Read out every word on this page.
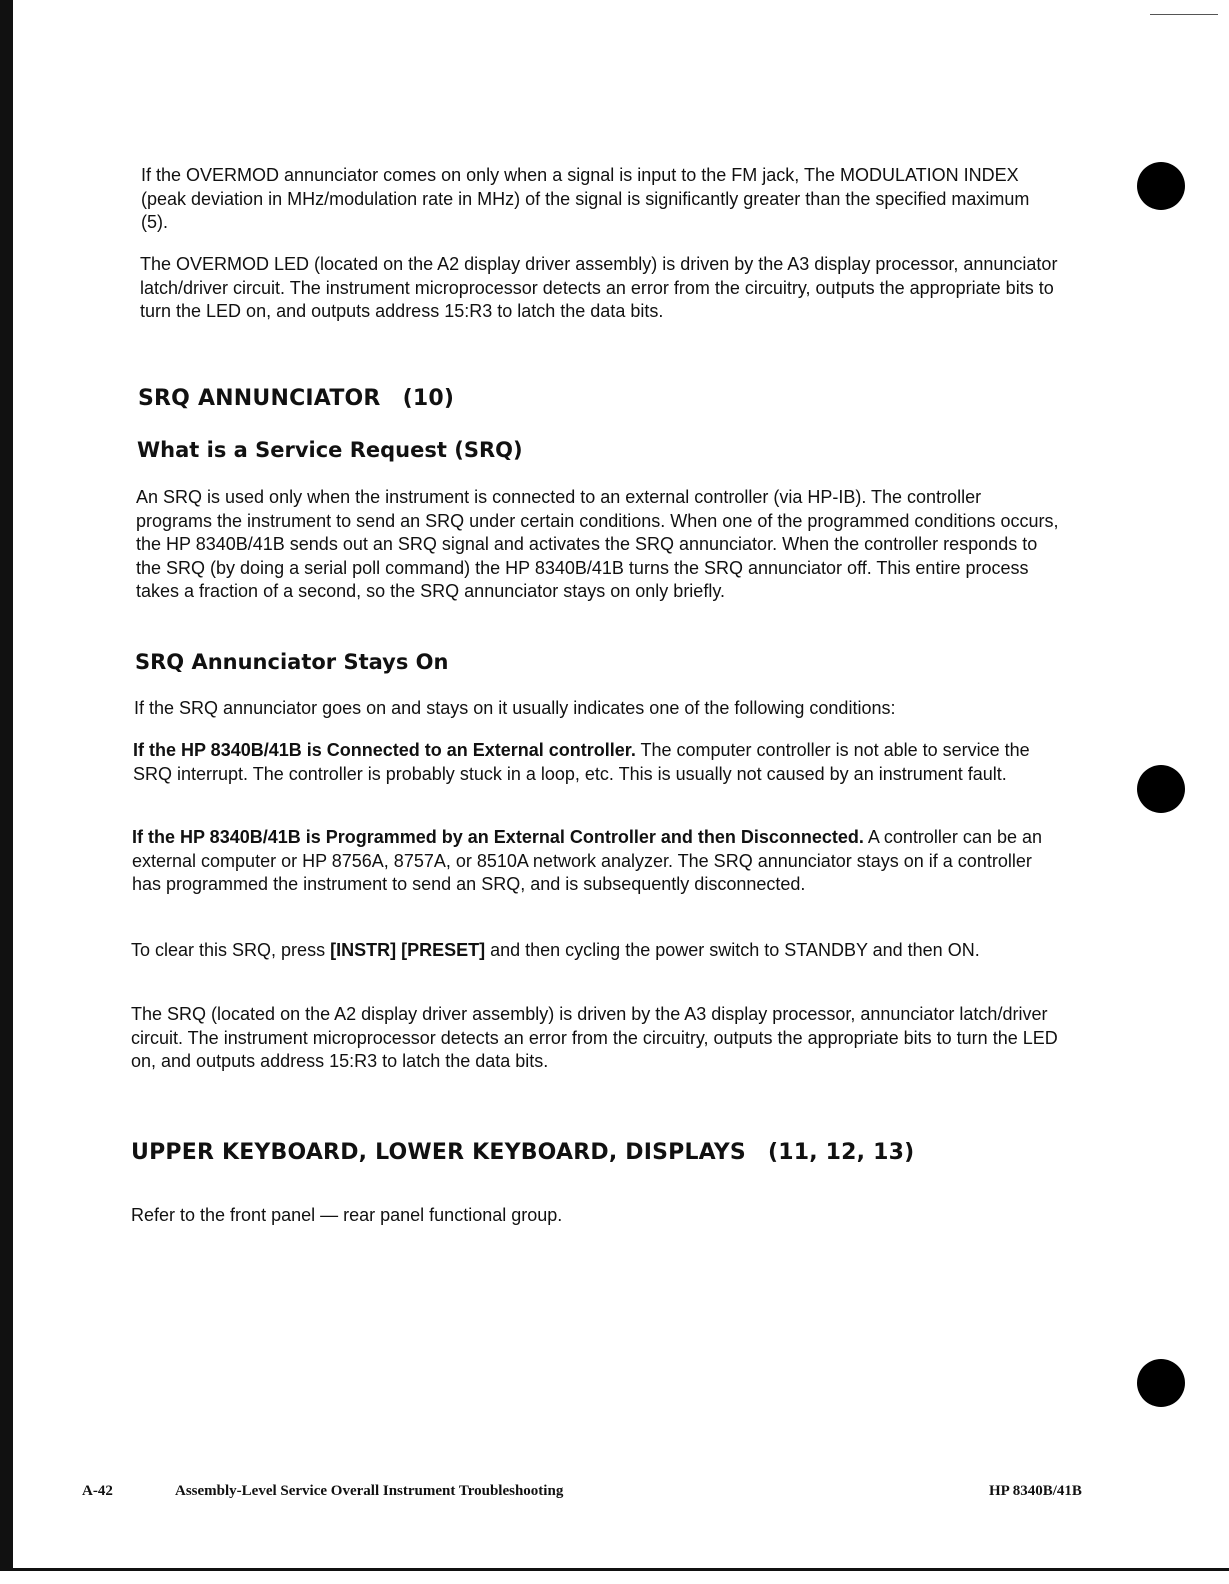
If the OVERMOD annunciator comes on only when a signal is input to the FM jack, The MODULATION INDEX (peak deviation in MHz/modulation rate in MHz) of the signal is significantly greater than the specified maximum (5).

The OVERMOD LED (located on the A2 display driver assembly) is driven by the A3 display processor, annunciator latch/driver circuit. The instrument microprocessor detects an error from the circuitry, outputs the appropriate bits to turn the LED on, and outputs address 15:R3 to latch the data bits.

SRQ ANNUNCIATOR (10)
What is a Service Request (SRQ)

An SRQ is used only when the instrument is connected to an external controller (via HP-IB). The controller programs the instrument to send an SRQ under certain conditions. When one of the programmed conditions occurs, the HP 8340B/41B sends out an SRQ signal and activates the SRQ annunciator. When the controller responds to the SRQ (by doing a serial poll command) the HP 8340B/41B turns the SRQ annunciator off. This entire process takes a fraction of a second, so the SRQ annunciator stays on only briefly.

SRQ Annunciator Stays On

If the SRQ annunciator goes on and stays on it usually indicates one of the following conditions:

If the HP 8340B/41B is Connected to an External controller. The computer controller is not able to service the SRQ interrupt. The controller is probably stuck in a loop, etc. This is usually not caused by an instrument fault.

If the HP 8340B/41B is Programmed by an External Controller and then Disconnected. A controller can be an external computer or HP 8756A, 8757A, or 8510A network analyzer. The SRQ annunciator stays on if a controller has programmed the instrument to send an SRQ, and is subsequently disconnected.

To clear this SRQ, press [INSTR] [PRESET] and then cycling the power switch to STANDBY and then ON.

The SRQ (located on the A2 display driver assembly) is driven by the A3 display processor, annunciator latch/driver circuit. The instrument microprocessor detects an error from the circuitry, outputs the appropriate bits to turn the LED on, and outputs address 15:R3 to latch the data bits.

UPPER KEYBOARD, LOWER KEYBOARD, DISPLAYS (11, 12, 13)

Refer to the front panel — rear panel functional group.

A-42	Assembly-Level Service Overall Instrument Troubleshooting	HP 8340B/41B
